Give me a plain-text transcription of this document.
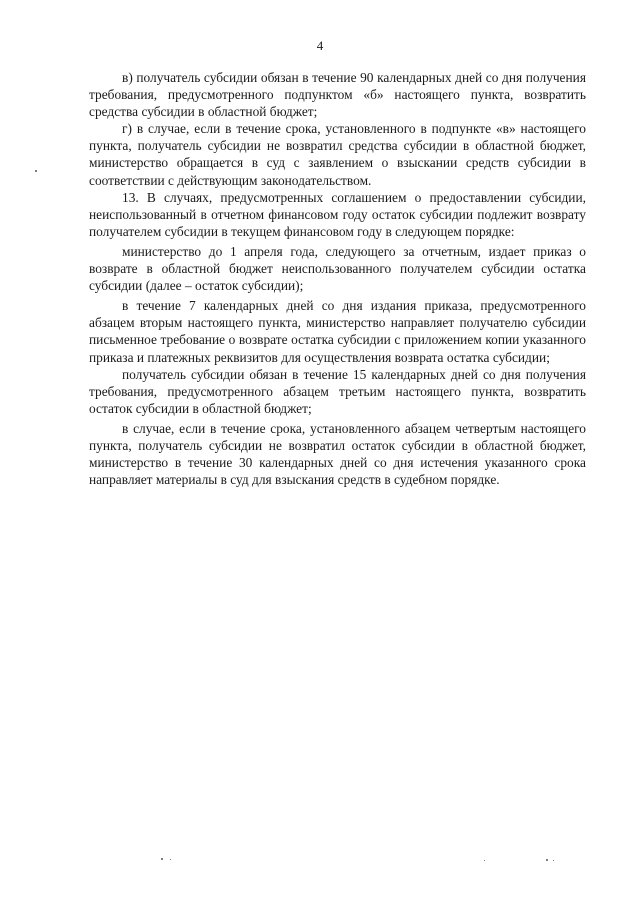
4

в) получатель субсидии обязан в течение 90 календарных дней со дня получения требования, предусмотренного подпунктом «б» настоящего пункта, возвратить средства субсидии в областной бюджет;

г) в случае, если в течение срока, установленного в подпункте «в» настоящего пункта, получатель субсидии не возвратил средства субсидии в областной бюджет, министерство обращается в суд с заявлением о взыскании средств субсидии в соответствии с действующим законодательством.

13. В случаях, предусмотренных соглашением о предоставлении субсидии, неиспользованный в отчетном финансовом году остаток субсидии подлежит возврату получателем субсидии в текущем финансовом году в следующем порядке:

министерство до 1 апреля года, следующего за отчетным, издает приказ о возврате в областной бюджет неиспользованного получателем субсидии остатка субсидии (далее – остаток субсидии);

в течение 7 календарных дней со дня издания приказа, предусмотренного абзацем вторым настоящего пункта, министерство направляет получателю субсидии письменное требование о возврате остатка субсидии с приложением копии указанного приказа и платежных реквизитов для осуществления возврата остатка субсидии;

получатель субсидии обязан в течение 15 календарных дней со дня получения требования, предусмотренного абзацем третьим настоящего пункта, возвратить остаток субсидии в областной бюджет;

в случае, если в течение срока, установленного абзацем четвертым настоящего пункта, получатель субсидии не возвратил остаток субсидии в областной бюджет, министерство в течение 30 календарных дней со дня истечения указанного срока направляет материалы в суд для взыскания средств в судебном порядке.
